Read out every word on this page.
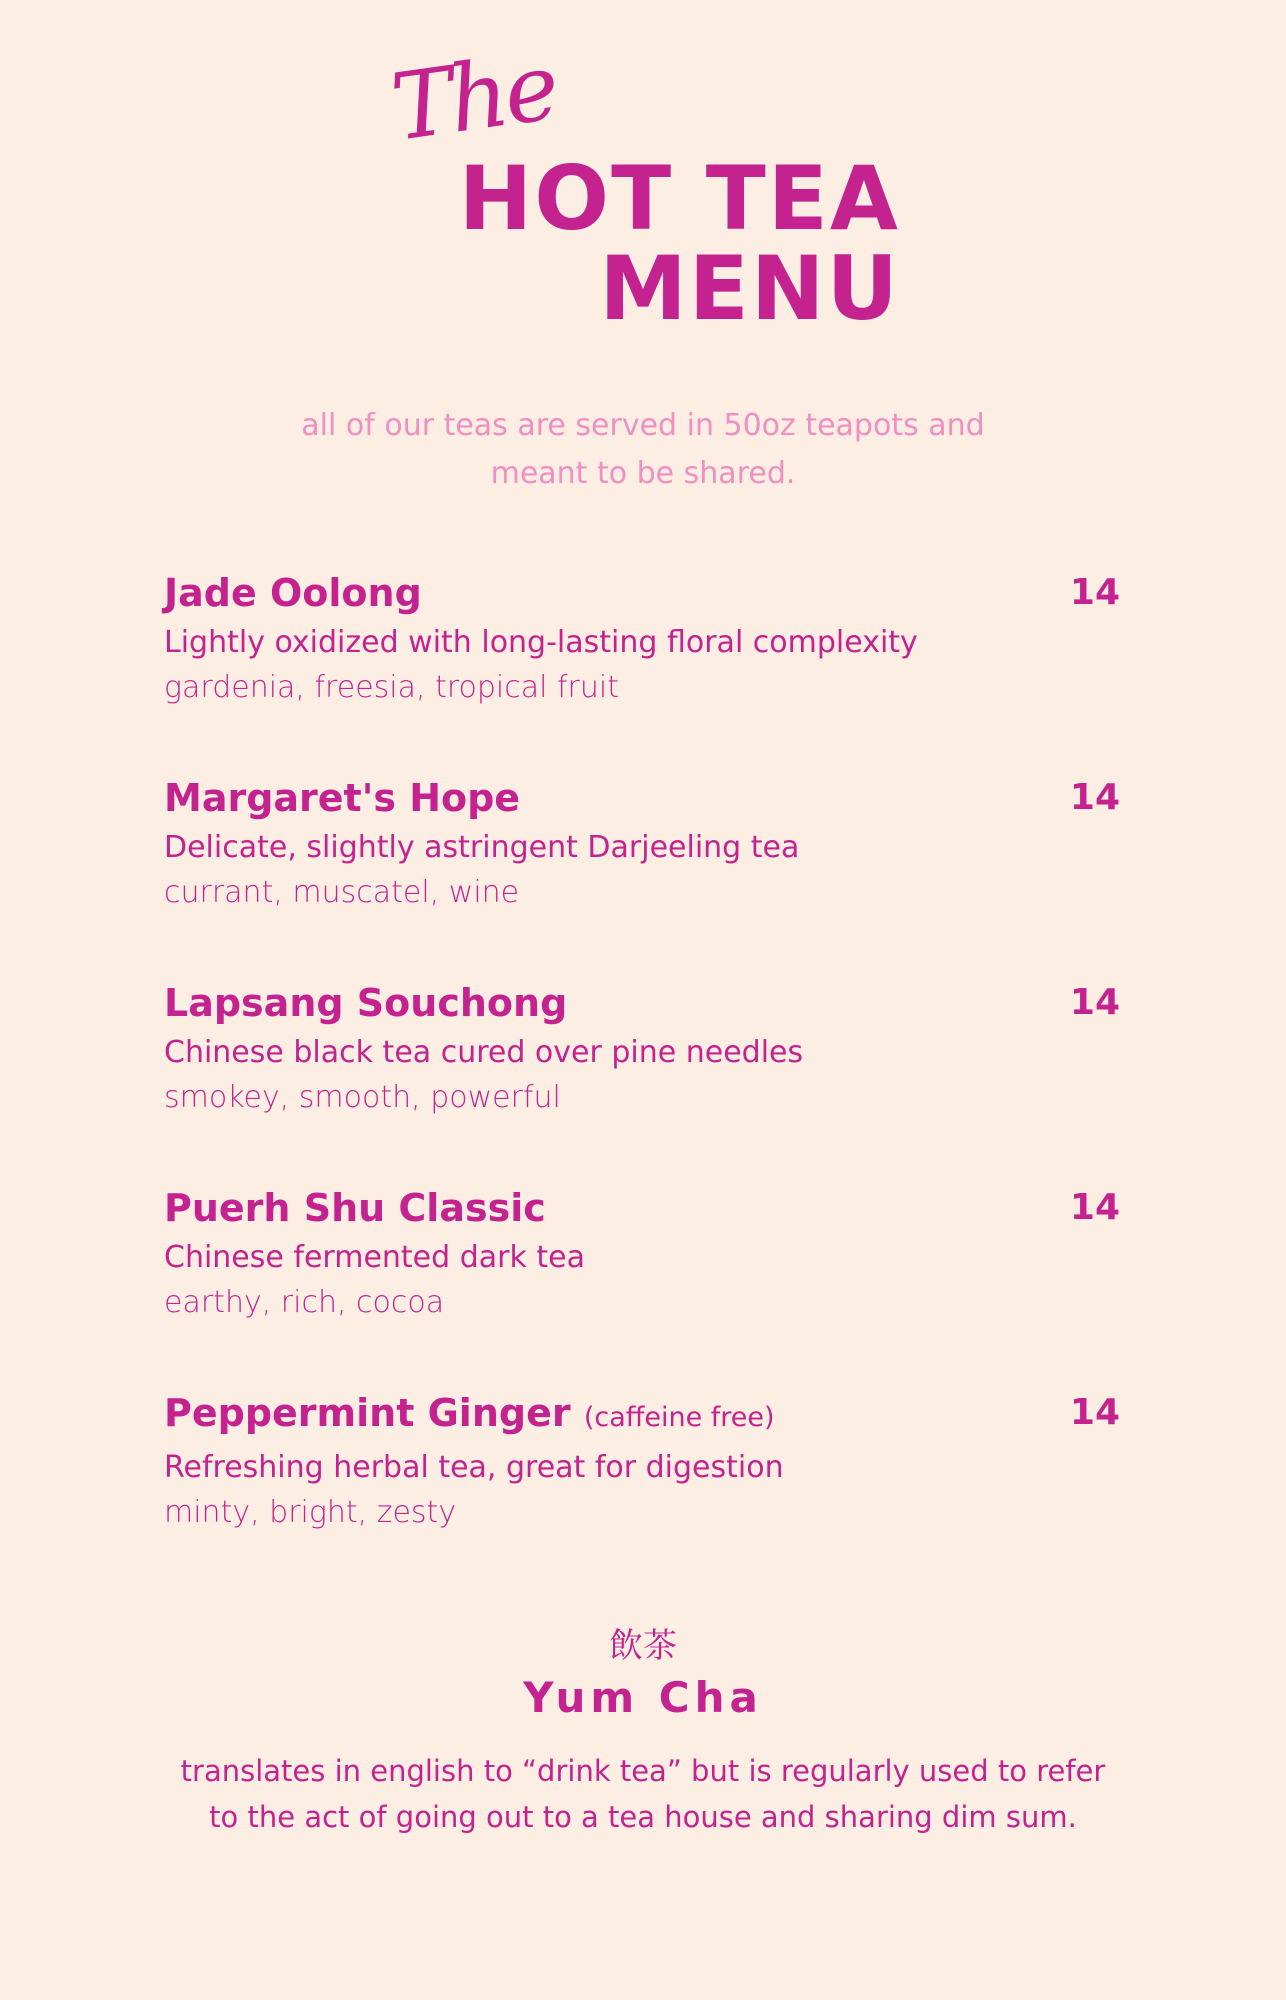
The
HOT TEA
MENU
all of our teas are served in 50oz teapots and
meant to be shared.
Jade Oolong	14
Lightly oxidized with long-lasting floral complexity
gardenia, freesia, tropical fruit
Margaret's Hope	14
Delicate, slightly astringent Darjeeling tea
currant, muscatel, wine
Lapsang Souchong	14
Chinese black tea cured over pine needles
smokey, smooth, powerful
Puerh Shu Classic	14
Chinese fermented dark tea
earthy, rich, cocoa
Peppermint Ginger (caffeine free)	14
Refreshing herbal tea, great for digestion
minty, bright, zesty
飲茶
Yum Cha
translates in english to “drink tea” but is regularly used to refer
to the act of going out to a tea house and sharing dim sum.
